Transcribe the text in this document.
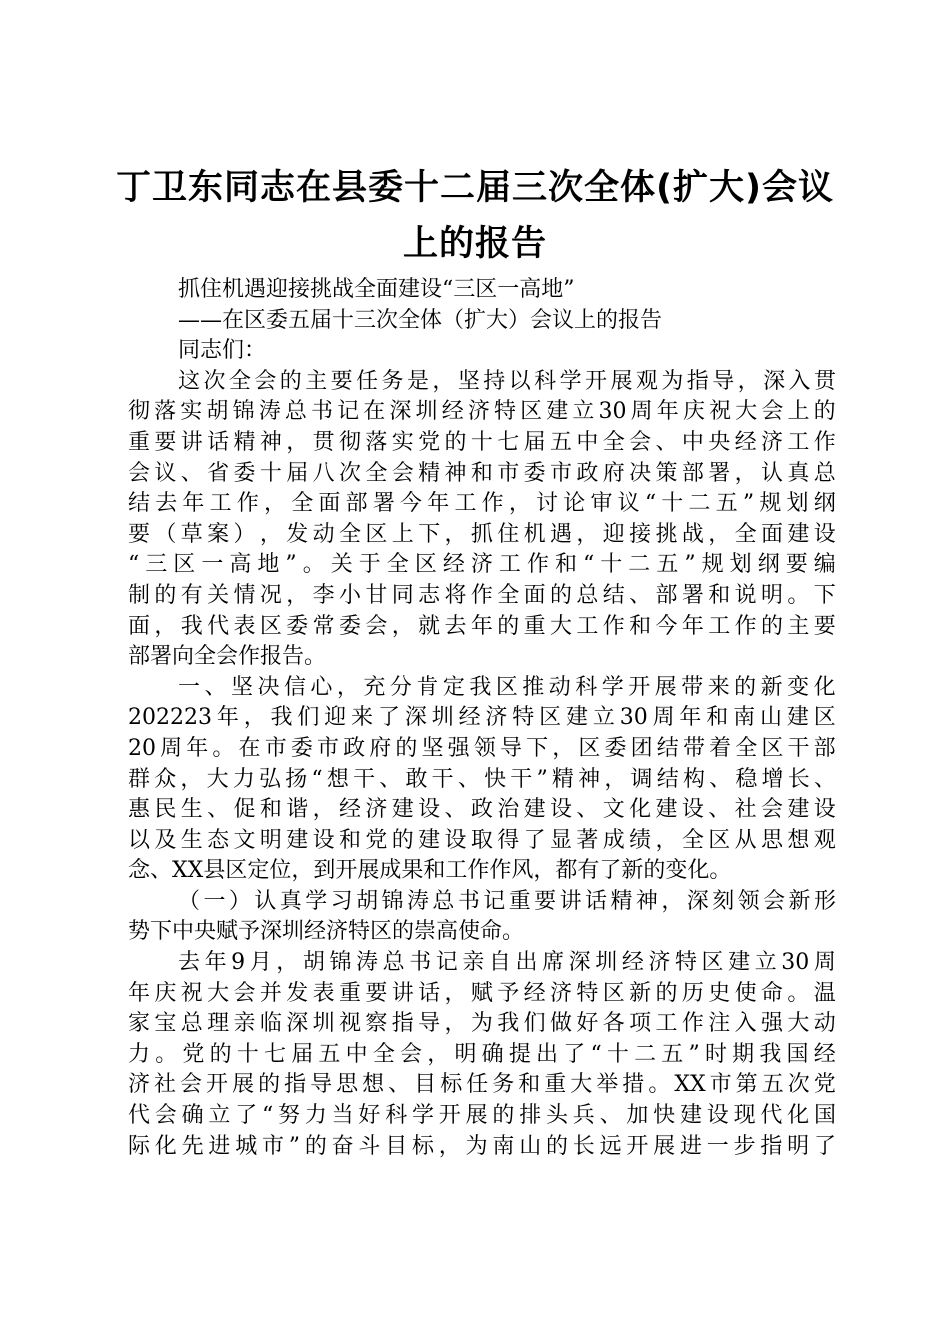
丁卫东同志在县委十二届三次全体(扩大)会议
上的报告
抓住机遇迎接挑战全面建设“三区一高地”
——在区委五届十三次全体（扩大）会议上的报告
同志们：
这 次 全 会 的 主 要 任 务 是 ， 坚 持 以 科 学 开 展 观 为 指 导 ， 深 入 贯
彻 落 实 胡 锦 涛 总 书 记 在 深 圳 经 济 特 区 建 立 30 周 年 庆 祝 大 会 上 的
重 要 讲 话 精 神 ， 贯 彻 落 实 党 的 十 七 届 五 中 全 会 、 中 央 经 济 工 作
会 议 、 省 委 十 届 八 次 全 会 精 神 和 市 委 市 政 府 决 策 部 署 ， 认 真 总
结 去 年 工 作 ， 全 面 部 署 今 年 工 作 ， 讨 论 审 议 “ 十 二 五 ” 规 划 纲
要 （ 草 案 ） ， 发 动 全 区 上 下 ， 抓 住 机 遇 ， 迎 接 挑 战 ， 全 面 建 设
“ 三 区 一 高 地 ” 。 关 于 全 区 经 济 工 作 和 “ 十 二 五 ” 规 划 纲 要 编
制 的 有 关 情 况 ， 李 小 甘 同 志 将 作 全 面 的 总 结 、 部 署 和 说 明 。 下
面 ， 我 代 表 区 委 常 委 会 ， 就 去 年 的 重 大 工 作 和 今 年 工 作 的 主 要
部署向全会作报告。
一 、 坚 决 信 心 ， 充 分 肯 定 我 区 推 动 科 学 开 展 带 来 的 新 变 化
202223 年 ， 我 们 迎 来 了 深 圳 经 济 特 区 建 立 30 周 年 和 南 山 建 区
20 周 年 。 在 市 委 市 政 府 的 坚 强 领 导 下 ， 区 委 团 结 带 着 全 区 干 部
群 众 ， 大 力 弘 扬 “ 想 干 、 敢 干 、 快 干 ” 精 神 ， 调 结 构 、 稳 增 长 、
惠 民 生 、 促 和 谐 ， 经 济 建 设 、 政 治 建 设 、 文 化 建 设 、 社 会 建 设
以 及 生 态 文 明 建 设 和 党 的 建 设 取 得 了 显 著 成 绩 ， 全 区 从 思 想 观
念、XX县区定位，到开展成果和工作作风，都有了新的变化。
（ 一 ） 认 真 学 习 胡 锦 涛 总 书 记 重 要 讲 话 精 神 ， 深 刻 领 会 新 形
势下中央赋予深圳经济特区的崇高使命。
去 年 9 月 ， 胡 锦 涛 总 书 记 亲 自 出 席 深 圳 经 济 特 区 建 立 30 周
年 庆 祝 大 会 并 发 表 重 要 讲 话 ， 赋 予 经 济 特 区 新 的 历 史 使 命 。 温
家 宝 总 理 亲 临 深 圳 视 察 指 导 ， 为 我 们 做 好 各 项 工 作 注 入 强 大 动
力 。 党 的 十 七 届 五 中 全 会 ， 明 确 提 出 了 “ 十 二 五 ” 时 期 我 国 经
济 社 会 开 展 的 指 导 思 想 、 目 标 任 务 和 重 大 举 措 。 XX 市 第 五 次 党
代 会 确 立 了 “ 努 力 当 好 科 学 开 展 的 排 头 兵 、 加 快 建 设 现 代 化 国
际 化 先 进 城 市 ” 的 奋 斗 目 标 ， 为 南 山 的 长 远 开 展 进 一 步 指 明 了
